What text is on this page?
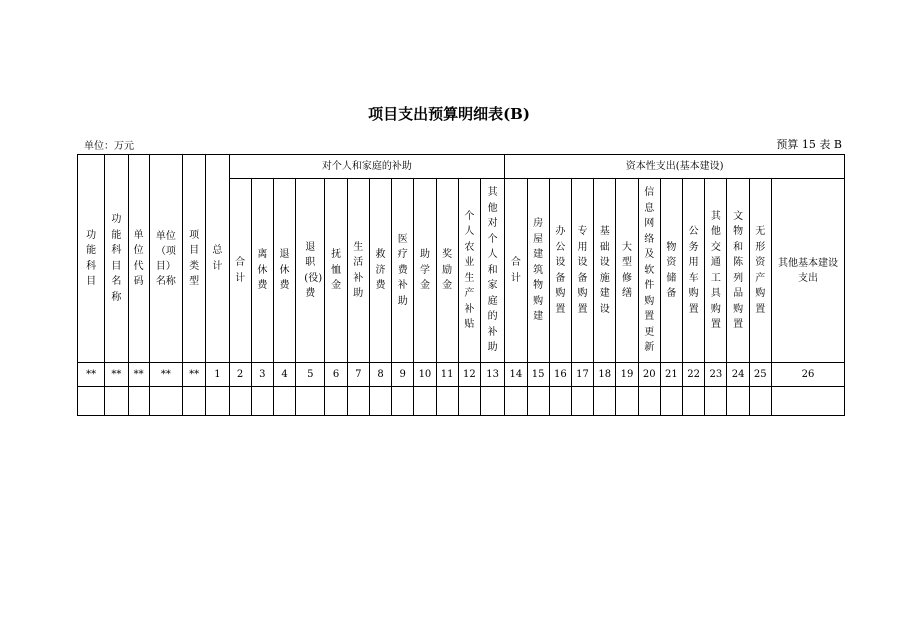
项目支出预算明细表(B)
单位：万元	预算 15 表 B
功能科目	功能科目名称	单位代码	单位（项目）名称	项目类型	总计	对个人和家庭的补助												资本性支出(基本建设)												
						合计	离休费	退休费	退职(役)费	抚恤金	生活补助	救济费	医疗费补助	助学金	奖励金	个人农业生产补贴	其他对个人和家庭的补助	合计	房屋建筑物购建	办公设备购置	专用设备购置	基础设施建设	大型修缮	信息网络及软件购置更新	物资储备	公务用车购置	其他交通工具购置	文物和陈列品购置	无形资产购置	其他基本建设支出
**	**	**	**	**	1	2	3	4	5	6	7	8	9	10	11	12	13	14	15	16	17	18	19	20	21	22	23	24	25	26
